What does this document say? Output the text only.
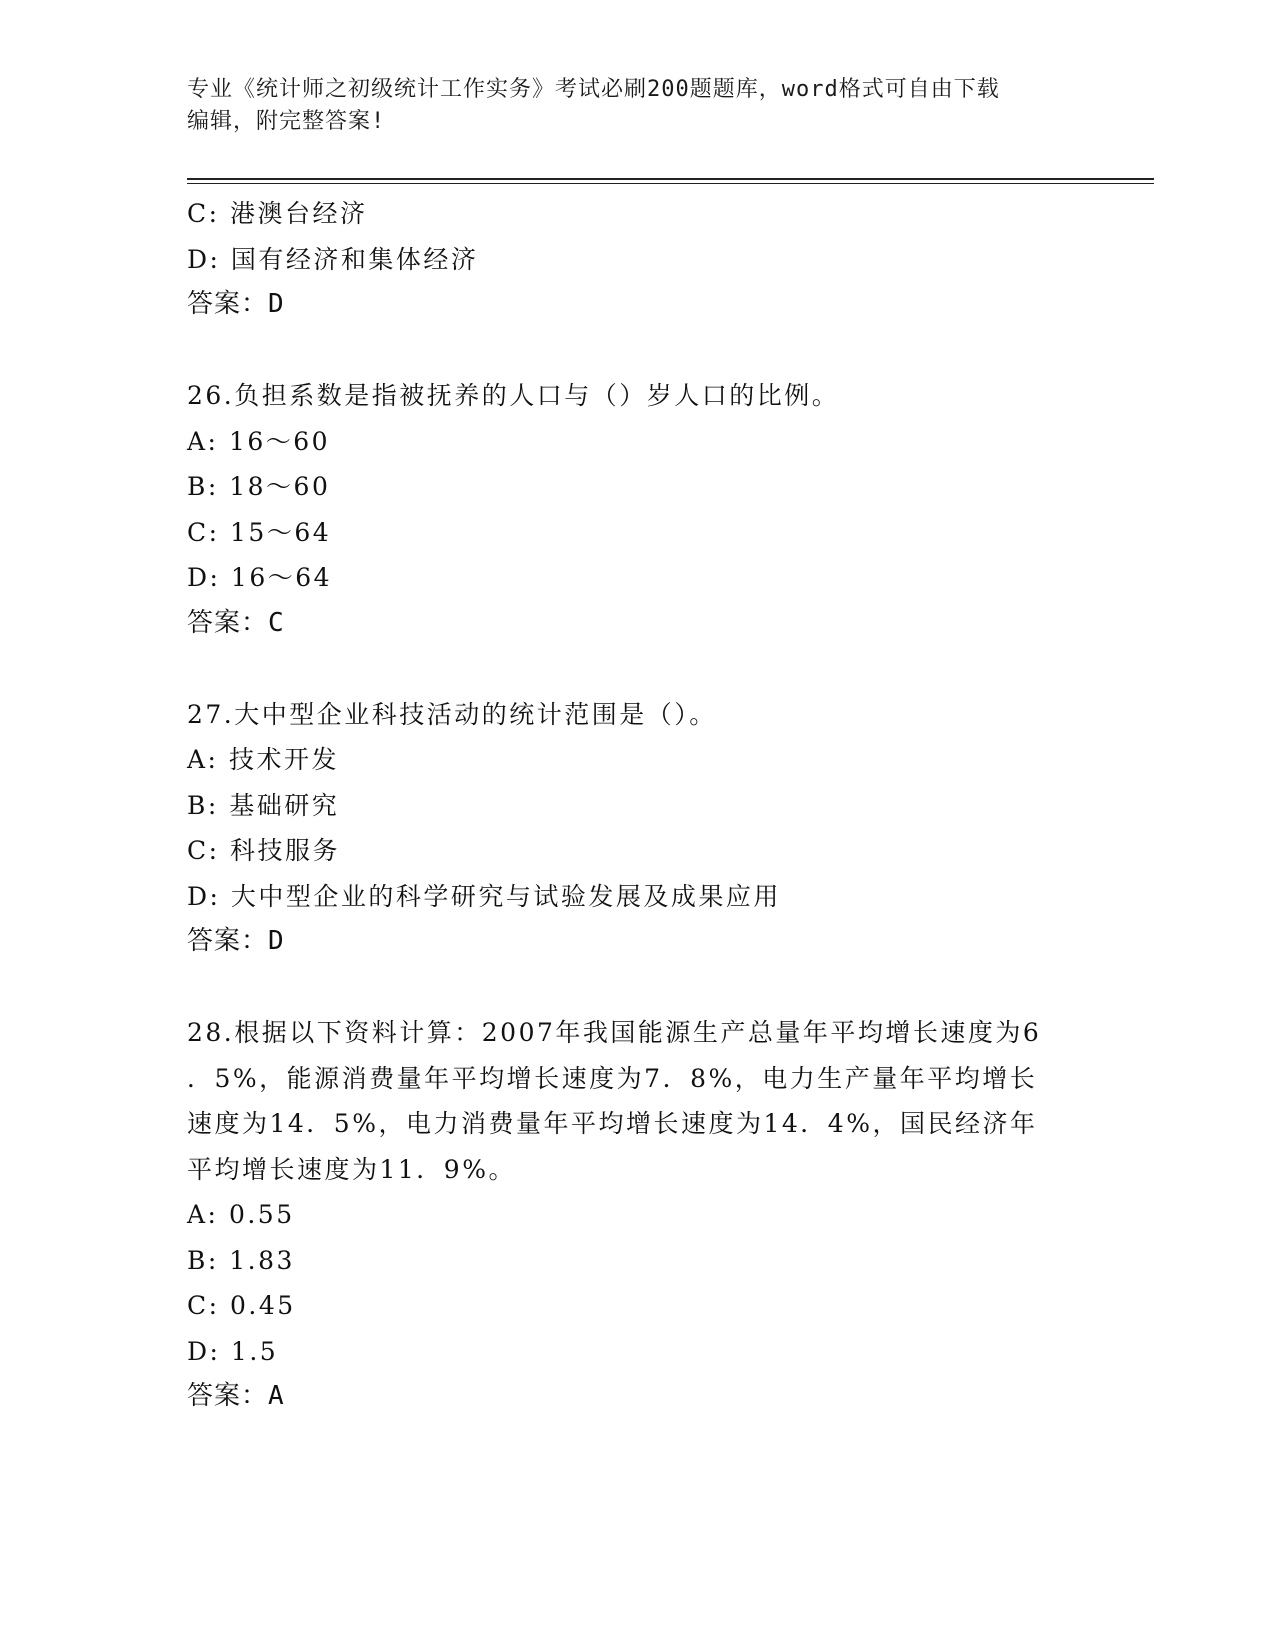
专业《统计师之初级统计工作实务》考试必刷200题题库，word格式可自由下载
编辑，附完整答案!
C: 港澳台经济
D: 国有经济和集体经济
答案：D
26.负担系数是指被抚养的人口与（）岁人口的比例。
A: 16～60
B: 18～60
C: 15～64
D: 16～64
答案：C
27.大中型企业科技活动的统计范围是（）。
A: 技术开发
B: 基础研究
C: 科技服务
D: 大中型企业的科学研究与试验发展及成果应用
答案：D
28.根据以下资料计算：2007年我国能源生产总量年平均增长速度为6
．5%，能源消费量年平均增长速度为7．8%，电力生产量年平均增长
速度为14．5%，电力消费量年平均增长速度为14．4%，国民经济年
平均增长速度为11．9%。
A: 0.55
B: 1.83
C: 0.45
D: 1.5
答案：A
